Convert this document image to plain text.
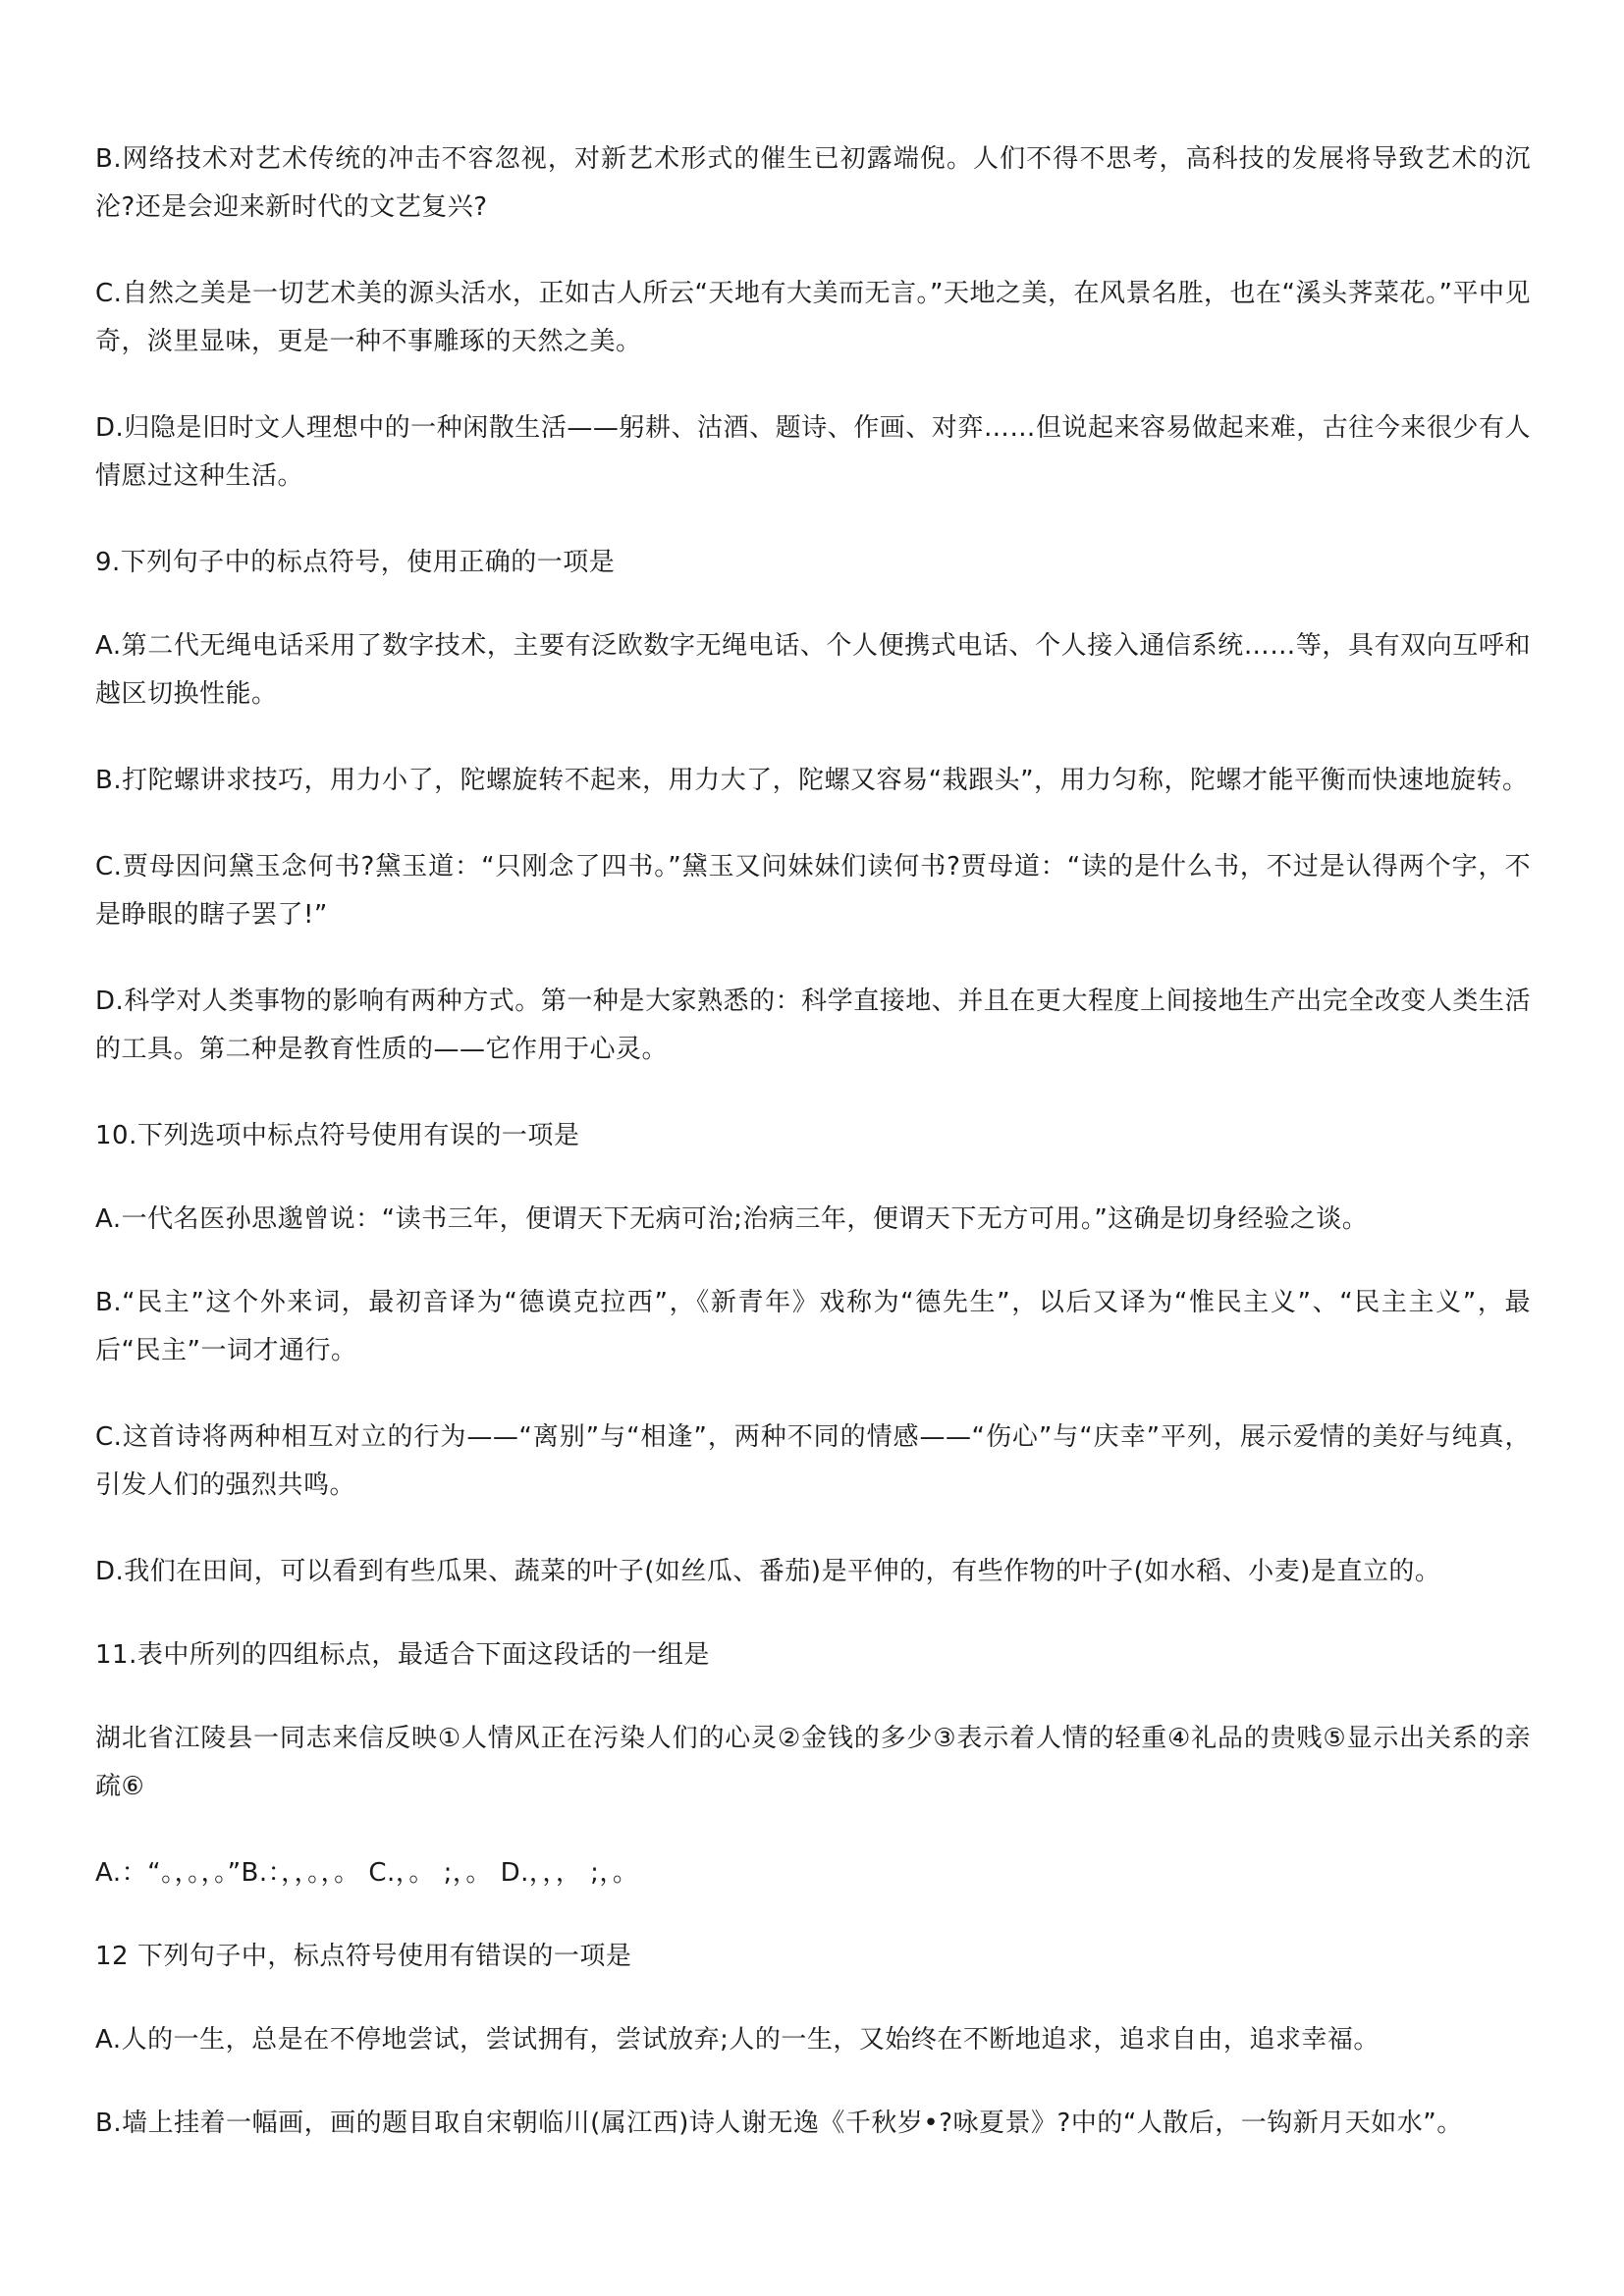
B.网络技术对艺术传统的冲击不容忽视，对新艺术形式的催生已初露端倪。人们不得不思考，高科技的发展将导致艺术的沉沦?还是会迎来新时代的文艺复兴?

C.自然之美是一切艺术美的源头活水，正如古人所云“天地有大美而无言。”天地之美，在风景名胜，也在“溪头荠菜花。”平中见奇，淡里显味，更是一种不事雕琢的天然之美。

D.归隐是旧时文人理想中的一种闲散生活——躬耕、沽酒、题诗、作画、对弈……但说起来容易做起来难，古往今来很少有人情愿过这种生活。

9.下列句子中的标点符号，使用正确的一项是

A.第二代无绳电话采用了数字技术，主要有泛欧数字无绳电话、个人便携式电话、个人接入通信系统……等，具有双向互呼和越区切换性能。

B.打陀螺讲求技巧，用力小了，陀螺旋转不起来，用力大了，陀螺又容易“栽跟头”，用力匀称，陀螺才能平衡而快速地旋转。

C.贾母因问黛玉念何书?黛玉道：“只刚念了四书。”黛玉又问妹妹们读何书?贾母道：“读的是什么书，不过是认得两个字，不是睁眼的瞎子罢了!”

D.科学对人类事物的影响有两种方式。第一种是大家熟悉的：科学直接地、并且在更大程度上间接地生产出完全改变人类生活的工具。第二种是教育性质的——它作用于心灵。

10.下列选项中标点符号使用有误的一项是

A.一代名医孙思邈曾说：“读书三年，便谓天下无病可治;治病三年，便谓天下无方可用。”这确是切身经验之谈。

B.“民主”这个外来词，最初音译为“德谟克拉西”，《新青年》戏称为“德先生”，以后又译为“惟民主义”、“民主主义”，最后“民主”一词才通行。

C.这首诗将两种相互对立的行为——“离别”与“相逢”，两种不同的情感——“伤心”与“庆幸”平列，展示爱情的美好与纯真，引发人们的强烈共鸣。

D.我们在田间，可以看到有些瓜果、蔬菜的叶子(如丝瓜、番茄)是平伸的，有些作物的叶子(如水稻、小麦)是直立的。

11.表中所列的四组标点，最适合下面这段话的一组是

湖北省江陵县一同志来信反映①人情风正在污染人们的心灵②金钱的多少③表示着人情的轻重④礼品的贵贱⑤显示出关系的亲疏⑥

A.：“。，。，。”B.：，，。，。 C.，。 ;，。 D.，，， ;，。

12 下列句子中，标点符号使用有错误的一项是

A.人的一生，总是在不停地尝试，尝试拥有，尝试放弃;人的一生，又始终在不断地追求，追求自由，追求幸福。

B.墙上挂着一幅画，画的题目取自宋朝临川(属江西)诗人谢无逸《千秋岁•?咏夏景》?中的“人散后，一钩新月天如水”。
